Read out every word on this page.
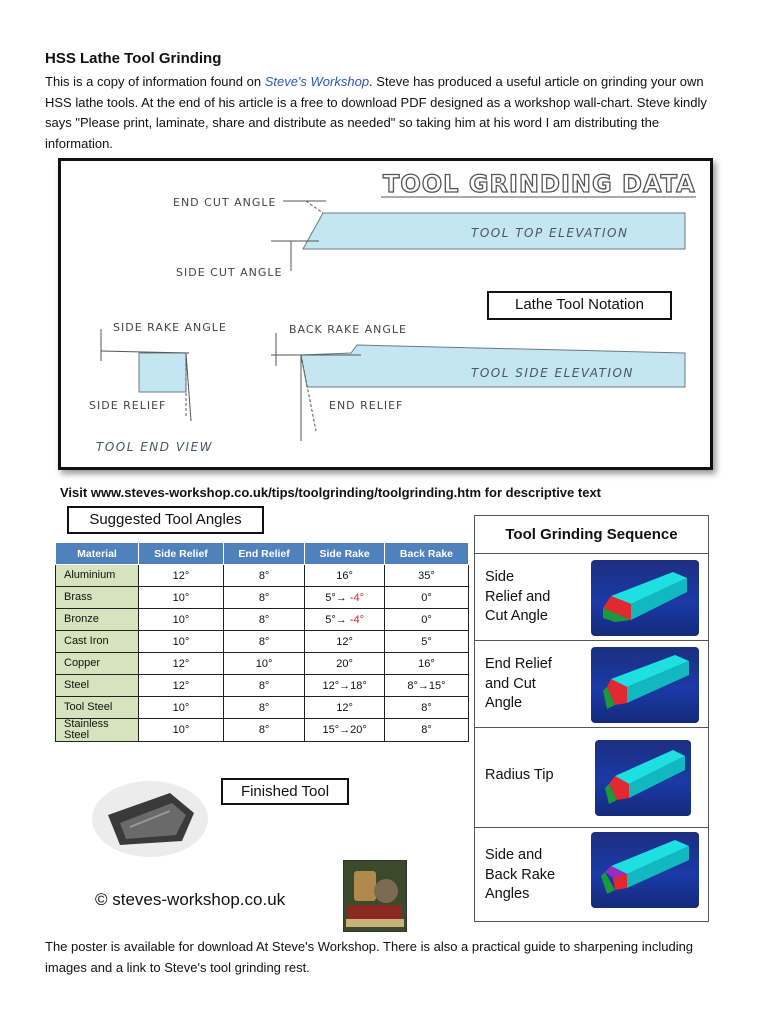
HSS Lathe Tool Grinding
This is a copy of information found on Steve's Workshop. Steve has produced a useful article on grinding your own HSS lathe tools. At the end of his article is a free to download PDF designed as a workshop wall-chart. Steve kindly says "Please print, laminate, share and distribute as needed" so taking him at his word I am distributing the information.
TOOL GRINDING DATA
END CUT ANGLE
SIDE CUT ANGLE
TOOL TOP ELEVATION
SIDE RAKE ANGLE
SIDE RELIEF
TOOL END VIEW
BACK RAKE ANGLE
END RELIEF
TOOL SIDE ELEVATION
Lathe Tool Notation
Visit www.steves-workshop.co.uk/tips/toolgrinding/toolgrinding.htm for descriptive text
Suggested Tool Angles
Material	Side Relief	End Relief	Side Rake	Back Rake
Aluminium	12°	8°	16°	35°
Brass	10°	8°	5°→ -4°	0°
Bronze	10°	8°	5°→ -4°	0°
Cast Iron	10°	8°	12°	5°
Copper	12°	10°	20°	16°
Steel	12°	8°	12°→18°	8°→15°
Tool Steel	10°	8°	12°	8°
Stainless Steel	10°	8°	15°→20°	8°
Finished Tool
© steves-workshop.co.uk
Tool Grinding Sequence
Side
Relief and
Cut Angle
End Relief
and Cut
Angle
Radius Tip
Side and
Back Rake
Angles
The poster is available for download At Steve's Workshop. There is also a practical guide to sharpening including images and a link to Steve's tool grinding rest.
